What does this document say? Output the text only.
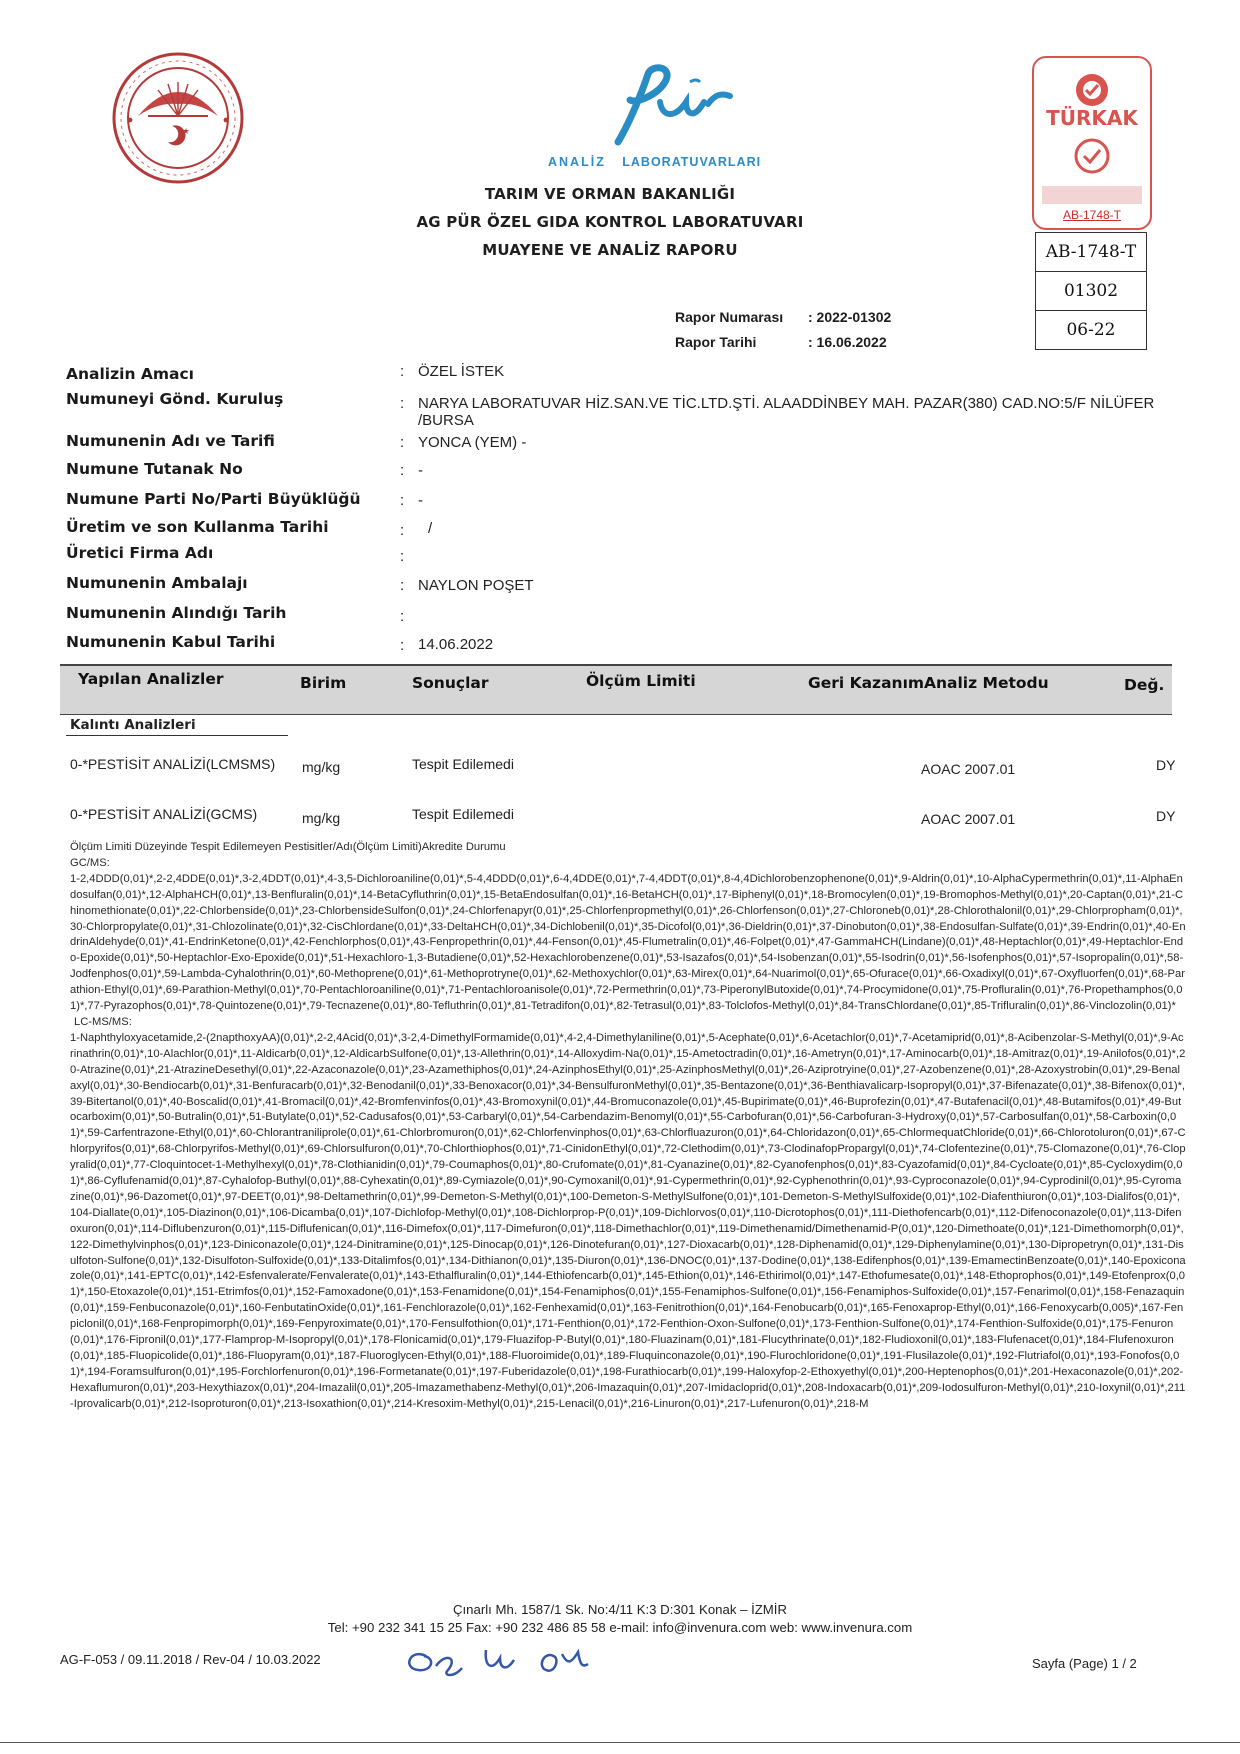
ANALİZ LABORATUVARLARI
TARIM VE ORMAN BAKANLIĞI
AG PÜR ÖZEL GIDA KONTROL LABORATUVARI
MUAYENE VE ANALİZ RAPORU
TÜRKAK
AB-1748-T
AB-1748-T
01302
06-22
Rapor Numarası : 2022-01302
Rapor Tarihi	: 16.06.2022
Analizin Amacı	: ÖZEL İSTEK
Numuneyi Gönd. Kuruluş	: NARYA LABORATUVAR HİZ.SAN.VE TİC.LTD.ŞTİ. ALAADDİNBEY MAH. PAZAR(380) CAD.NO:5/F NİLÜFER
/BURSA
Numunenin Adı ve Tarifi	: YONCA (YEM) -
Numune Tutanak No	: -
Numune Parti No/Parti Büyüklüğü	: -
Üretim ve son Kullanma Tarihi	: /
Üretici Firma Adı	:
Numunenin Ambalajı	: NAYLON POŞET
Numunenin Alındığı Tarih	:
Numunenin Kabul Tarihi	: 14.06.2022
Yapılan Analizler	Birim	Sonuçlar	Ölçüm Limiti	Geri Kazanım Analiz Metodu	Değ.
Kalıntı Analizleri
0-*PESTİSİT ANALİZİ(LCMSMS) mg/kg	Tespit Edilemedi	AOAC 2007.01	DY
0-*PESTİSİT ANALİZİ(GCMS)	mg/kg	Tespit Edilemedi	AOAC 2007.01	DY

Ölçüm Limiti Düzeyinde Tespit Edilemeyen Pestisitler/Adı(Ölçüm Limiti)Akredite Durumu

GC/MS:

1-2,4DDD(0,01)*,2-2,4DDE(0,01)*,3-2,4DDT(0,01)*,4-3,5-Dichloroaniline(0,01)*,5-4,4DDD(0,01)*,6-4,4DDE(0,01)*,7-4,4DDT(0,01)*,8-4,4Dichlorobenzophenone(0,01)*,9-Aldrin(0,01)*,10-AlphaCypermethrin(0,01)*,11-AlphaEndosulfan(0,01)*,12-AlphaHCH(0,01)*,13-Benfluralin(0,01)*,14-BetaCyfluthrin(0,01)*,15-BetaEndosulfan(0,01)*,16-BetaHCH(0,01)*,17-Biphenyl(0,01)*,18-Bromocylen(0,01)*,19-Bromophos-Methyl(0,01)*,20-Captan(0,01)*,21-Chinomethionate(0,01)*,22-Chlorbenside(0,01)*,23-ChlorbensideSulfon(0,01)*,24-Chlorfenapyr(0,01)*,25-Chlorfenpropmethyl(0,01)*,26-Chlorfenson(0,01)*,27-Chloroneb(0,01)*,28-Chlorothalonil(0,01)*,29-Chlorpropham(0,01)*,30-Chlorpropylate(0,01)*,31-Chlozolinate(0,01)*,32-CisChlordane(0,01)*,33-DeltaHCH(0,01)*,34-Dichlobenil(0,01)*,35-Dicofol(0,01)*,36-Dieldrin(0,01)*,37-Dinobuton(0,01)*,38-Endosulfan-Sulfate(0,01)*,39-Endrin(0,01)*,40-EndrinAldehyde(0,01)*,41-EndrinKetone(0,01)*,42-Fenchlorphos(0,01)*,43-Fenpropethrin(0,01)*,44-Fenson(0,01)*,45-Flumetralin(0,01)*,46-Folpet(0,01)*,47-GammaHCH(Lindane)(0,01)*,48-Heptachlor(0,01)*,49-Heptachlor-Endo-Epoxide(0,01)*,50-Heptachlor-Exo-Epoxide(0,01)*,51-Hexachloro-1,3-Butadiene(0,01)*,52-Hexachlorobenzene(0,01)*,53-Isazafos(0,01)*,54-Isobenzan(0,01)*,55-Isodrin(0,01)*,56-Isofenphos(0,01)*,57-Isopropalin(0,01)*,58-Jodfenphos(0,01)*,59-Lambda-Cyhalothrin(0,01)*,60-Methoprene(0,01)*,61-Methoprotryne(0,01)*,62-Methoxychlor(0,01)*,63-Mirex(0,01)*,64-Nuarimol(0,01)*,65-Ofurace(0,01)*,66-Oxadixyl(0,01)*,67-Oxyfluorfen(0,01)*,68-Parathion-Ethyl(0,01)*,69-Parathion-Methyl(0,01)*,70-Pentachloroaniline(0,01)*,71-Pentachloroanisole(0,01)*,72-Permethrin(0,01)*,73-PiperonylButoxide(0,01)*,74-Procymidone(0,01)*,75-Profluralin(0,01)*,76-Propethamphos(0,01)*,77-Pyrazophos(0,01)*,78-Quintozene(0,01)*,79-Tecnazene(0,01)*,80-Tefluthrin(0,01)*,81-Tetradifon(0,01)*,82-Tetrasul(0,01)*,83-Tolclofos-Methyl(0,01)*,84-TransChlordane(0,01)*,85-Trifluralin(0,01)*,86-Vinclozolin(0,01)*

LC-MS/MS:

1-Naphthyloxyacetamide,2-(2napthoxyAA)(0,01)*,2-2,4Acid(0,01)*,3-2,4-DimethylFormamide(0,01)*,4-2,4-Dimethylaniline(0,01)*,5-Acephate(0,01)*,6-Acetachlor(0,01)*,7-Acetamiprid(0,01)*,8-Acibenzolar-S-Methyl(0,01)*,9-Acrinathrin(0,01)*,10-Alachlor(0,01)*,11-Aldicarb(0,01)*,12-AldicarbSulfone(0,01)*,13-Allethrin(0,01)*,14-Alloxydim-Na(0,01)*,15-Ametoctradin(0,01)*,16-Ametryn(0,01)*,17-Aminocarb(0,01)*,18-Amitraz(0,01)*,19-Anilofos(0,01)*,20-Atrazine(0,01)*,21-AtrazineDesethyl(0,01)*,22-Azaconazole(0,01)*,23-Azamethiphos(0,01)*,24-AzinphosEthyl(0,01)*,25-AzinphosMethyl(0,01)*,26-Aziprotryine(0,01)*,27-Azobenzene(0,01)*,28-Azoxystrobin(0,01)*,29-Benalaxyl(0,01)*,30-Bendiocarb(0,01)*,31-Benfuracarb(0,01)*,32-Benodanil(0,01)*,33-Benoxacor(0,01)*,34-BensulfuronMethyl(0,01)*,35-Bentazone(0,01)*,36-Benthiavalicarp-Isopropyl(0,01)*,37-Bifenazate(0,01)*,38-Bifenox(0,01)*,39-Bitertanol(0,01)*,40-Boscalid(0,01)*,41-Bromacil(0,01)*,42-Bromfenvinfos(0,01)*,43-Bromoxynil(0,01)*,44-Bromuconazole(0,01)*,45-Bupirimate(0,01)*,46-Buprofezin(0,01)*,47-Butafenacil(0,01)*,48-Butamifos(0,01)*,49-Butocarboxim(0,01)*,50-Butralin(0,01)*,51-Butylate(0,01)*,52-Cadusafos(0,01)*,53-Carbaryl(0,01)*,54-Carbendazim-Benomyl(0,01)*,55-Carbofuran(0,01)*,56-Carbofuran-3-Hydroxy(0,01)*,57-Carbosulfan(0,01)*,58-Carboxin(0,01)*,59-Carfentrazone-Ethyl(0,01)*,60-Chlorantraniliprole(0,01)*,61-Chlorbromuron(0,01)*,62-Chlorfenvinphos(0,01)*,63-Chlorfluazuron(0,01)*,64-Chloridazon(0,01)*,65-ChlormequatChloride(0,01)*,66-Chlorotoluron(0,01)*,67-Chlorpyrifos(0,01)*,68-Chlorpyrifos-Methyl(0,01)*,69-Chlorsulfuron(0,01)*,70-Chlorthiophos(0,01)*,71-CinidonEthyl(0,01)*,72-Clethodim(0,01)*,73-ClodinafopPropargyl(0,01)*,74-Clofentezine(0,01)*,75-Clomazone(0,01)*,76-Clopyralid(0,01)*,77-Cloquintocet-1-Methylhexyl(0,01)*,78-Clothianidin(0,01)*,79-Coumaphos(0,01)*,80-Crufomate(0,01)*,81-Cyanazine(0,01)*,82-Cyanofenphos(0,01)*,83-Cyazofamid(0,01)*,84-Cycloate(0,01)*,85-Cycloxydim(0,01)*,86-Cyflufenamid(0,01)*,87-Cyhalofop-Buthyl(0,01)*,88-Cyhexatin(0,01)*,89-Cymiazole(0,01)*,90-Cymoxanil(0,01)*,91-Cypermethrin(0,01)*,92-Cyphenothrin(0,01)*,93-Cyproconazole(0,01)*,94-Cyprodinil(0,01)*,95-Cyromazine(0,01)*,96-Dazomet(0,01)*,97-DEET(0,01)*,98-Deltamethrin(0,01)*,99-Demeton-S-Methyl(0,01)*,100-Demeton-S-MethylSulfone(0,01)*,101-Demeton-S-MethylSulfoxide(0,01)*,102-Diafenthiuron(0,01)*,103-Dialifos(0,01)*,104-Diallate(0,01)*,105-Diazinon(0,01)*,106-Dicamba(0,01)*,107-Dichlofop-Methyl(0,01)*,108-Dichlorprop-P(0,01)*,109-Dichlorvos(0,01)*,110-Dicrotophos(0,01)*,111-Diethofencarb(0,01)*,112-Difenoconazole(0,01)*,113-Difenoxuron(0,01)*,114-Diflubenzuron(0,01)*,115-Diflufenican(0,01)*,116-Dimefox(0,01)*,117-Dimefuron(0,01)*,118-Dimethachlor(0,01)*,119-Dimethenamid/Dimethenamid-P(0,01)*,120-Dimethoate(0,01)*,121-Dimethomorph(0,01)*,122-Dimethylvinphos(0,01)*,123-Diniconazole(0,01)*,124-Dinitramine(0,01)*,125-Dinocap(0,01)*,126-Dinotefuran(0,01)*,127-Dioxacarb(0,01)*,128-Diphenamid(0,01)*,129-Diphenylamine(0,01)*,130-Dipropetryn(0,01)*,131-Disulfoton-Sulfone(0,01)*,132-Disulfoton-Sulfoxide(0,01)*,133-Ditalimfos(0,01)*,134-Dithianon(0,01)*,135-Diuron(0,01)*,136-DNOC(0,01)*,137-Dodine(0,01)*,138-Edifenphos(0,01)*,139-EmamectinBenzoate(0,01)*,140-Epoxiconazole(0,01)*,141-EPTC(0,01)*,142-Esfenvalerate/Fenvalerate(0,01)*,143-Ethalfluralin(0,01)*,144-Ethiofencarb(0,01)*,145-Ethion(0,01)*,146-Ethirimol(0,01)*,147-Ethofumesate(0,01)*,148-Ethoprophos(0,01)*,149-Etofenprox(0,01)*,150-Etoxazole(0,01)*,151-Etrimfos(0,01)*,152-Famoxadone(0,01)*,153-Fenamidone(0,01)*,154-Fenamiphos(0,01)*,155-Fenamiphos-Sulfone(0,01)*,156-Fenamiphos-Sulfoxide(0,01)*,157-Fenarimol(0,01)*,158-Fenazaquin(0,01)*,159-Fenbuconazole(0,01)*,160-FenbutatinOxide(0,01)*,161-Fenchlorazole(0,01)*,162-Fenhexamid(0,01)*,163-Fenitrothion(0,01)*,164-Fenobucarb(0,01)*,165-Fenoxaprop-Ethyl(0,01)*,166-Fenoxycarb(0,005)*,167-Fenpiclonil(0,01)*,168-Fenpropimorph(0,01)*,169-Fenpyroximate(0,01)*,170-Fensulfothion(0,01)*,171-Fenthion(0,01)*,172-Fenthion-Oxon-Sulfone(0,01)*,173-Fenthion-Sulfone(0,01)*,174-Fenthion-Sulfoxide(0,01)*,175-Fenuron(0,01)*,176-Fipronil(0,01)*,177-Flamprop-M-Isopropyl(0,01)*,178-Flonicamid(0,01)*,179-Fluazifop-P-Butyl(0,01)*,180-Fluazinam(0,01)*,181-Flucythrinate(0,01)*,182-Fludioxonil(0,01)*,183-Flufenacet(0,01)*,184-Flufenoxuron(0,01)*,185-Fluopicolide(0,01)*,186-Fluopyram(0,01)*,187-Fluoroglycen-Ethyl(0,01)*,188-Fluoroimide(0,01)*,189-Fluquinconazole(0,01)*,190-Flurochloridone(0,01)*,191-Flusilazole(0,01)*,192-Flutriafol(0,01)*,193-Fonofos(0,01)*,194-Foramsulfuron(0,01)*,195-Forchlorfenuron(0,01)*,196-Formetanate(0,01)*,197-Fuberidazole(0,01)*,198-Furathiocarb(0,01)*,199-Haloxyfop-2-Ethoxyethyl(0,01)*,200-Heptenophos(0,01)*,201-Hexaconazole(0,01)*,202-Hexaflumuron(0,01)*,203-Hexythiazox(0,01)*,204-Imazalil(0,01)*,205-Imazamethabenz-Methyl(0,01)*,206-Imazaquin(0,01)*,207-Imidacloprid(0,01)*,208-Indoxacarb(0,01)*,209-Iodosulfuron-Methyl(0,01)*,210-Ioxynil(0,01)*,211-Iprovalicarb(0,01)*,212-Isoproturon(0,01)*,213-Isoxathion(0,01)*,214-Kresoxim-Methyl(0,01)*,215-Lenacil(0,01)*,216-Linuron(0,01)*,217-Lufenuron(0,01)*,218-M

Çınarlı Mh. 1587/1 Sk. No:4/11 K:3 D:301 Konak – İZMİR
Tel: +90 232 341 15 25 Fax: +90 232 486 85 58 e-mail: info@invenura.com web: www.invenura.com
AG-F-053 / 09.11.2018 / Rev-04 / 10.03.2022	Sayfa (Page) 1 / 2
